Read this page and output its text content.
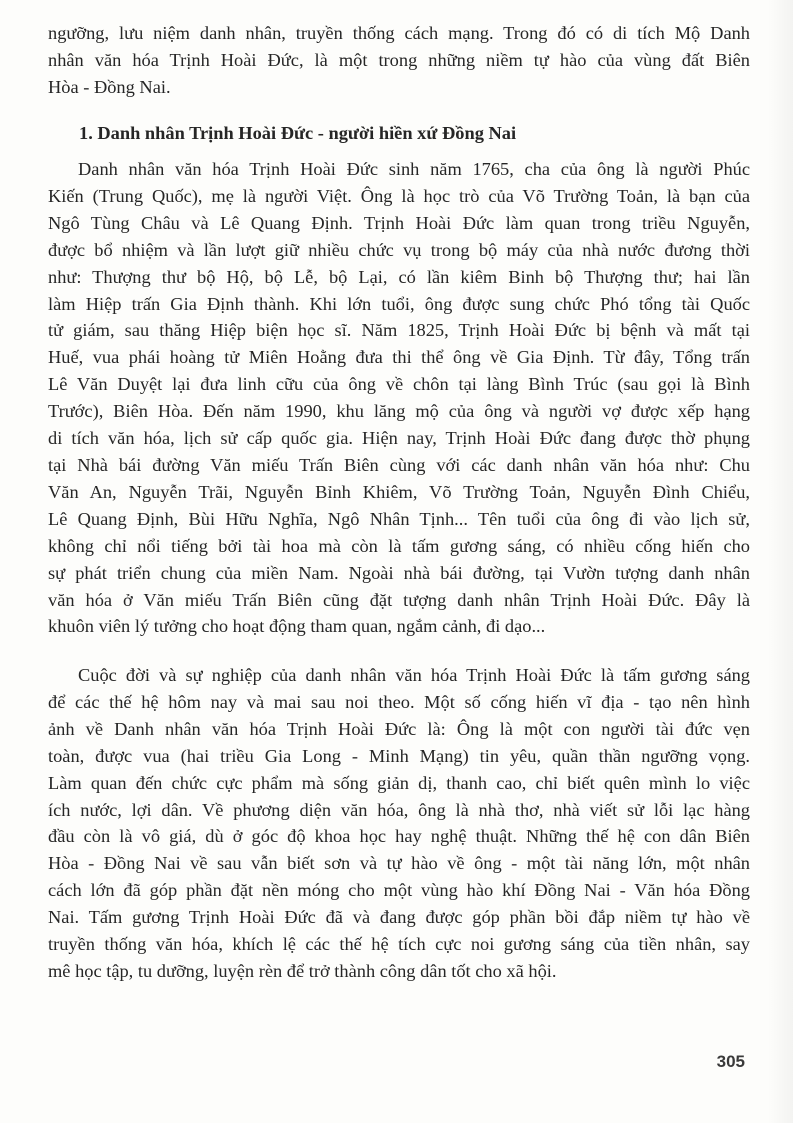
ngưỡng, lưu niệm danh nhân, truyền thống cách mạng. Trong đó có di tích Mộ Danh
nhân văn hóa Trịnh Hoài Đức, là một trong những niềm tự hào của vùng đất Biên
Hòa - Đồng Nai.

1. Danh nhân Trịnh Hoài Đức - người hiền xứ Đồng Nai

Danh nhân văn hóa Trịnh Hoài Đức sinh năm 1765, cha của ông là người Phúc
Kiến (Trung Quốc), mẹ là người Việt. Ông là học trò của Võ Trường Toản, là bạn của
Ngô Tùng Châu và Lê Quang Định. Trịnh Hoài Đức làm quan trong triều Nguyễn,
được bổ nhiệm và lần lượt giữ nhiều chức vụ trong bộ máy của nhà nước đương thời
như: Thượng thư bộ Hộ, bộ Lễ, bộ Lại, có lần kiêm Binh bộ Thượng thư; hai lần
làm Hiệp trấn Gia Định thành. Khi lớn tuổi, ông được sung chức Phó tổng tài Quốc
tử giám, sau thăng Hiệp biện học sĩ. Năm 1825, Trịnh Hoài Đức bị bệnh và mất tại
Huế, vua phái hoàng tử Miên Hoằng đưa thi thể ông về Gia Định. Từ đây, Tổng trấn
Lê Văn Duyệt lại đưa linh cữu của ông về chôn tại làng Bình Trúc (sau gọi là Bình
Trước), Biên Hòa. Đến năm 1990, khu lăng mộ của ông và người vợ được xếp hạng
di tích văn hóa, lịch sử cấp quốc gia. Hiện nay, Trịnh Hoài Đức đang được thờ phụng
tại Nhà bái đường Văn miếu Trấn Biên cùng với các danh nhân văn hóa như: Chu
Văn An, Nguyễn Trãi, Nguyễn Bỉnh Khiêm, Võ Trường Toản, Nguyễn Đình Chiểu,
Lê Quang Định, Bùi Hữu Nghĩa, Ngô Nhân Tịnh... Tên tuổi của ông đi vào lịch sử,
không chỉ nổi tiếng bởi tài hoa mà còn là tấm gương sáng, có nhiều cống hiến cho
sự phát triển chung của miền Nam. Ngoài nhà bái đường, tại Vườn tượng danh nhân
văn hóa ở Văn miếu Trấn Biên cũng đặt tượng danh nhân Trịnh Hoài Đức. Đây là
khuôn viên lý tưởng cho hoạt động tham quan, ngắm cảnh, đi dạo...

Cuộc đời và sự nghiệp của danh nhân văn hóa Trịnh Hoài Đức là tấm gương sáng
để các thế hệ hôm nay và mai sau noi theo. Một số cống hiến vĩ địa - tạo nên hình
ảnh về Danh nhân văn hóa Trịnh Hoài Đức là: Ông là một con người tài đức vẹn
toàn, được vua (hai triều Gia Long - Minh Mạng) tin yêu, quần thần ngưỡng vọng.
Làm quan đến chức cực phẩm mà sống giản dị, thanh cao, chỉ biết quên mình lo việc
ích nước, lợi dân. Về phương diện văn hóa, ông là nhà thơ, nhà viết sử lỗi lạc hàng
đầu còn là vô giá, dù ở góc độ khoa học hay nghệ thuật. Những thế hệ con dân Biên
Hòa - Đồng Nai về sau vẫn biết sơn và tự hào về ông - một tài năng lớn, một nhân
cách lớn đã góp phần đặt nền móng cho một vùng hào khí Đồng Nai - Văn hóa Đồng
Nai. Tấm gương Trịnh Hoài Đức đã và đang được góp phần bồi đắp niềm tự hào về
truyền thống văn hóa, khích lệ các thế hệ tích cực noi gương sáng của tiền nhân, say
mê học tập, tu dưỡng, luyện rèn để trở thành công dân tốt cho xã hội.

305
